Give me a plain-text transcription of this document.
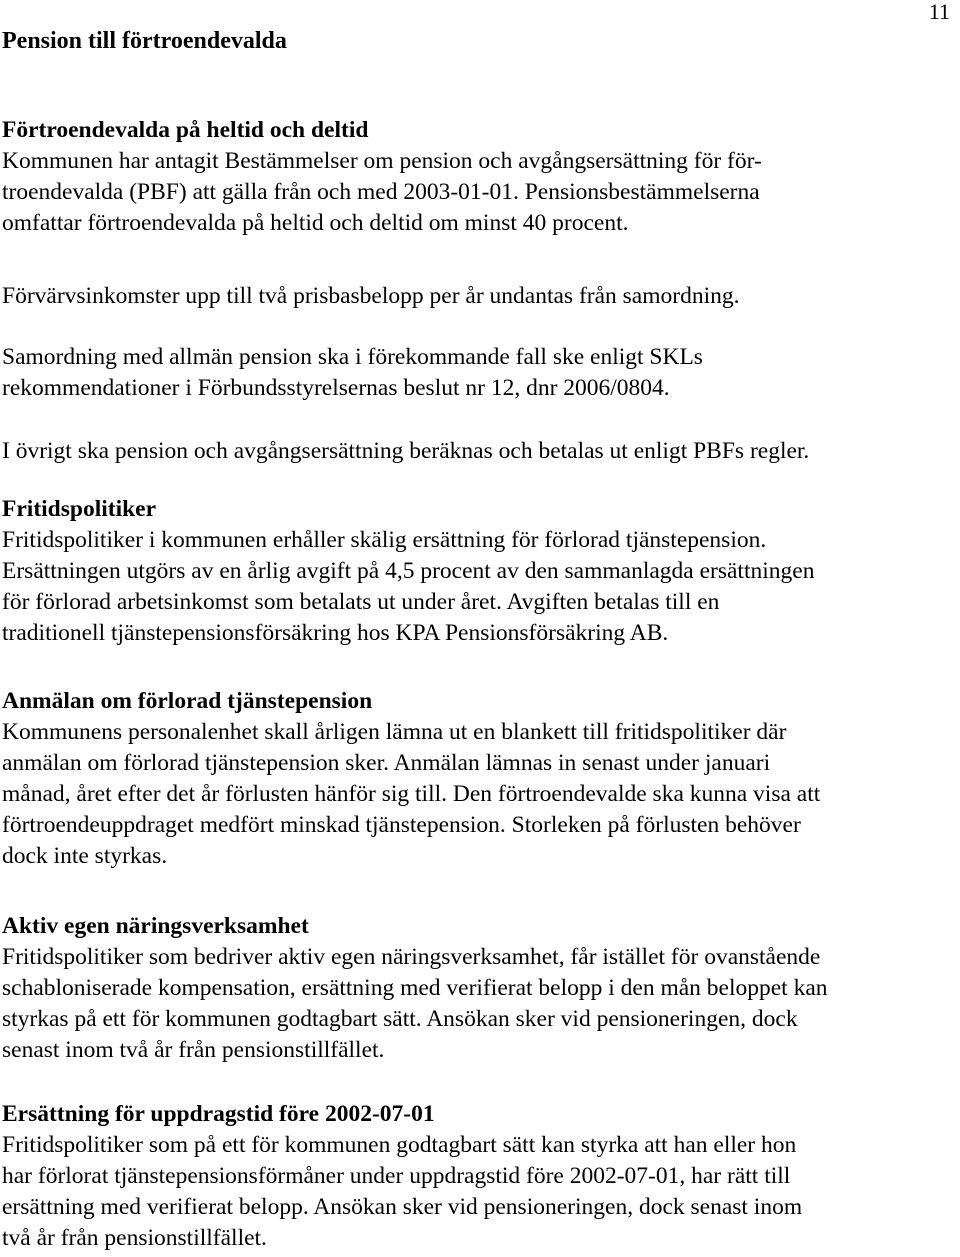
11
Pension till förtroendevalda
Förtroendevalda på heltid och deltid

Kommunen har antagit Bestämmelser om pension och avgångsersättning för för-
troendevalda (PBF) att gälla från och med 2003-01-01. Pensionsbestämmelserna
omfattar förtroendevalda på heltid och deltid om minst 40 procent.

Förvärvsinkomster upp till två prisbasbelopp per år undantas från samordning.

Samordning med allmän pension ska i förekommande fall ske enligt SKLs
rekommendationer i Förbundsstyrelsernas beslut nr 12, dnr 2006/0804.

I övrigt ska pension och avgångsersättning beräknas och betalas ut enligt PBFs regler.

Fritidspolitiker

Fritidspolitiker i kommunen erhåller skälig ersättning för förlorad tjänstepension.
Ersättningen utgörs av en årlig avgift på 4,5 procent av den sammanlagda ersättningen
för förlorad arbetsinkomst som betalats ut under året. Avgiften betalas till en
traditionell tjänstepensionsförsäkring hos KPA Pensionsförsäkring AB.

Anmälan om förlorad tjänstepension

Kommunens personalenhet skall årligen lämna ut en blankett till fritidspolitiker där
anmälan om förlorad tjänstepension sker. Anmälan lämnas in senast under januari
månad, året efter det år förlusten hänför sig till. Den förtroendevalde ska kunna visa att
förtroendeuppdraget medfört minskad tjänstepension. Storleken på förlusten behöver
dock inte styrkas.

Aktiv egen näringsverksamhet

Fritidspolitiker som bedriver aktiv egen näringsverksamhet, får istället för ovanstående
schabloniserade kompensation, ersättning med verifierat belopp i den mån beloppet kan
styrkas på ett för kommunen godtagbart sätt. Ansökan sker vid pensioneringen, dock
senast inom två år från pensionstillfället.

Ersättning för uppdragstid före 2002-07-01

Fritidspolitiker som på ett för kommunen godtagbart sätt kan styrka att han eller hon
har förlorat tjänstepensionsförmåner under uppdragstid före 2002-07-01, har rätt till
ersättning med verifierat belopp. Ansökan sker vid pensioneringen, dock senast inom
två år från pensionstillfället.
